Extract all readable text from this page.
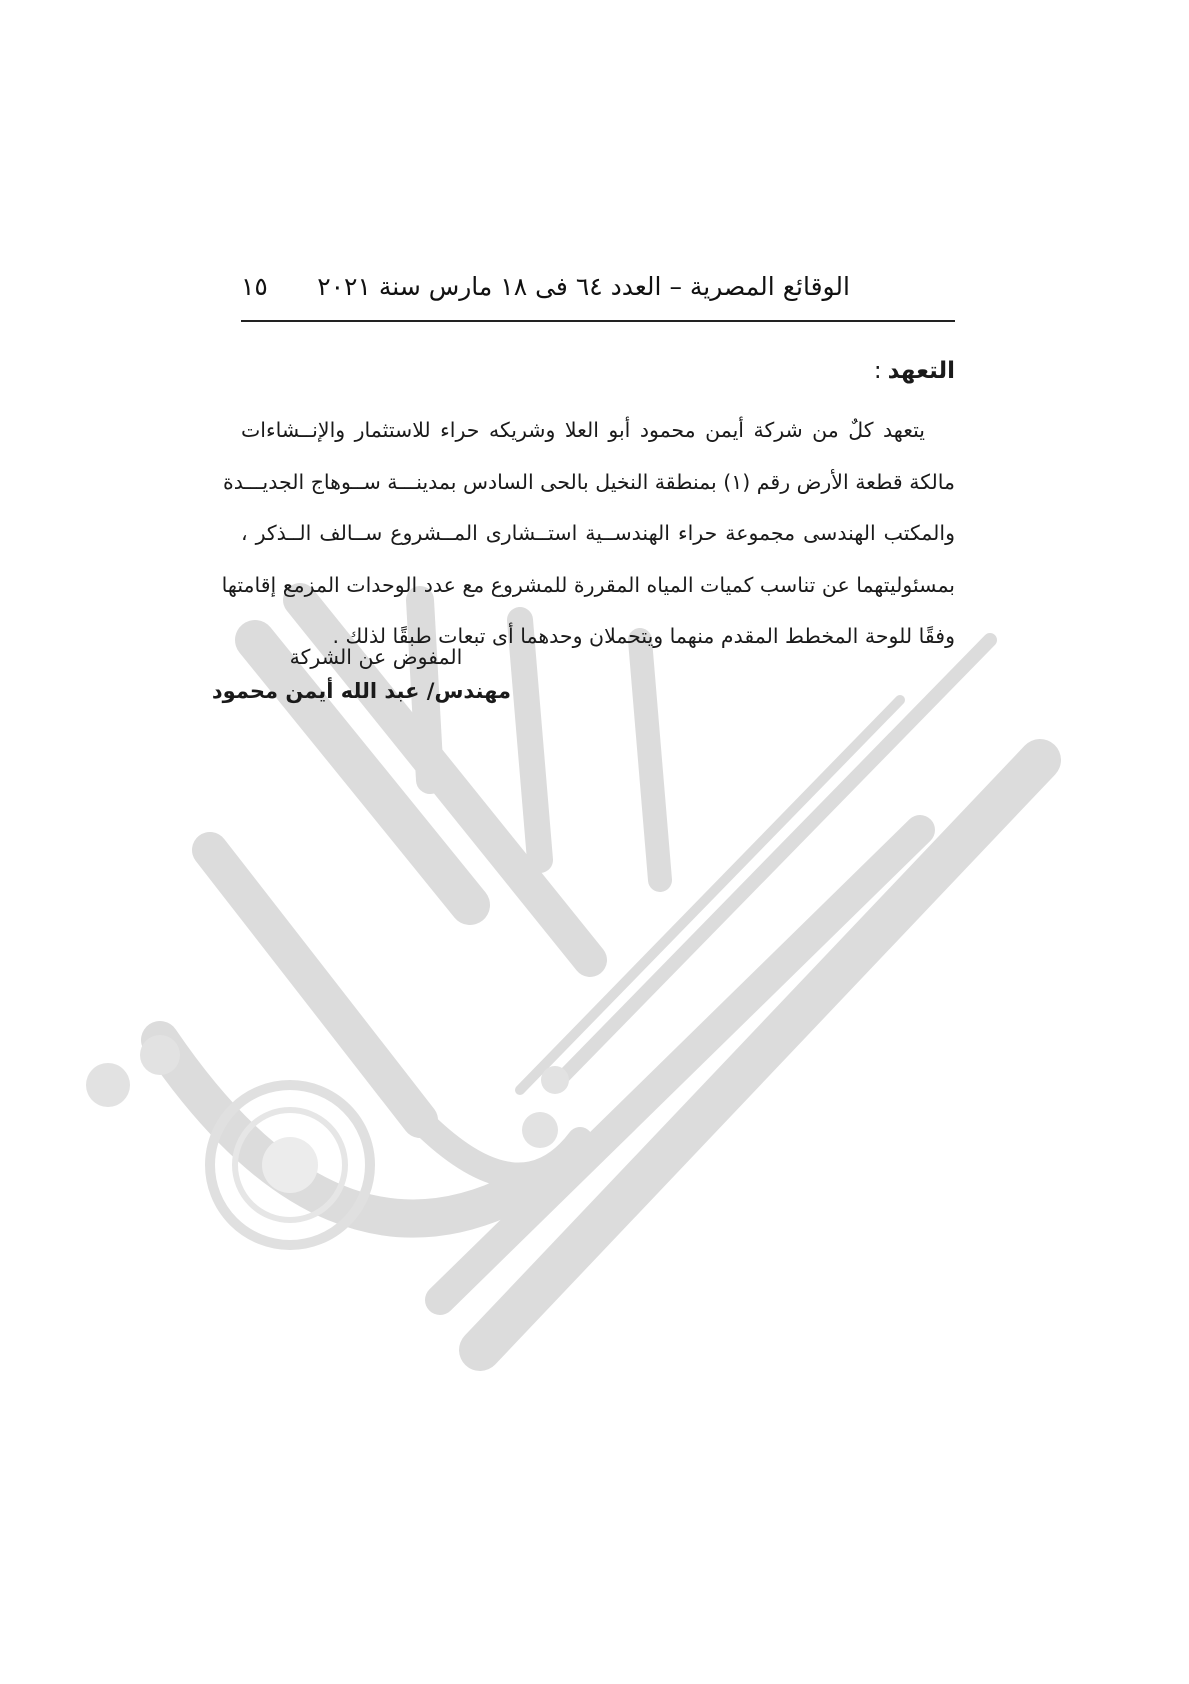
الوقائع المصرية – العدد ٦٤ فى ١٨ مارس سنة ٢٠٢١
١٥
التعهد:

يتعهد كلٌ من شركة أيمن محمود أبو العلا وشريكه حراء للاستثمار والإنــشاءات
مالكة قطعة الأرض رقم (١) بمنطقة النخيل بالحى السادس بمدينـــة ســوهاج الجديـــدة
والمكتب الهندسى مجموعة حراء الهندســية استــشارى المــشروع ســالف الــذكر ،
بمسئوليتهما عن تناسب كميات المياه المقررة للمشروع مع عدد الوحدات المزمع إقامتها
وفقًا للوحة المخطط المقدم منهما ويتحملان وحدهما أى تبعات طبقًا لذلك .

المفوض عن الشركة
مهندس/ عبد الله أيمن محمود
